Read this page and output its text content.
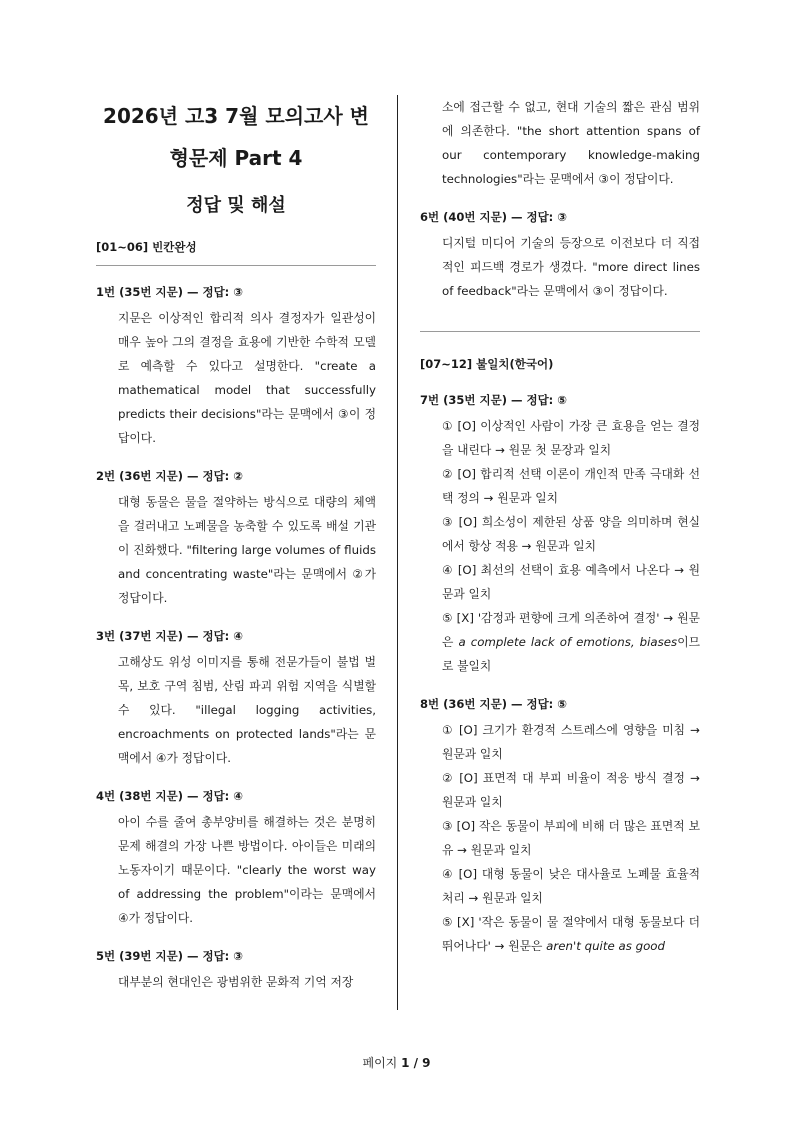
2026년 고3 7월 모의고사 변
형문제 Part 4
정답 및 해설
[01~06] 빈칸완성
1번 (35번 지문) — 정답: ③

지문은 이상적인 합리적 의사 결정자가 일관성이 매우 높아 그의 결정을 효용에 기반한 수학적 모델로 예측할 수 있다고 설명한다. "create a mathematical model that successfully predicts their decisions"라는 문맥에서 ③이 정답이다.

2번 (36번 지문) — 정답: ②

대형 동물은 물을 절약하는 방식으로 대량의 체액을 걸러내고 노폐물을 농축할 수 있도록 배설 기관이 진화했다. "filtering large volumes of fluids and concentrating waste"라는 문맥에서 ②가 정답이다.

3번 (37번 지문) — 정답: ④

고해상도 위성 이미지를 통해 전문가들이 불법 벌목, 보호 구역 침범, 산림 파괴 위험 지역을 식별할 수 있다. "illegal logging activities, encroachments on protected lands"라는 문맥에서 ④가 정답이다.

4번 (38번 지문) — 정답: ④

아이 수를 줄여 총부양비를 해결하는 것은 분명히 문제 해결의 가장 나쁜 방법이다. 아이들은 미래의 노동자이기 때문이다. "clearly the worst way of addressing the problem"이라는 문맥에서 ④가 정답이다.

5번 (39번 지문) — 정답: ③

대부분의 현대인은 광범위한 문화적 기억 저장

소에 접근할 수 없고, 현대 기술의 짧은 관심 범위에 의존한다. "the short attention spans of our contemporary knowledge-making technologies"라는 문맥에서 ③이 정답이다.

6번 (40번 지문) — 정답: ③

디지털 미디어 기술의 등장으로 이전보다 더 직접적인 피드백 경로가 생겼다. "more direct lines of feedback"라는 문맥에서 ③이 정답이다.

[07~12] 불일치(한국어)
7번 (35번 지문) — 정답: ⑤

① [O] 이상적인 사람이 가장 큰 효용을 얻는 결정을 내린다 → 원문 첫 문장과 일치

② [O] 합리적 선택 이론이 개인적 만족 극대화 선택 정의 → 원문과 일치

③ [O] 희소성이 제한된 상품 양을 의미하며 현실에서 항상 적용 → 원문과 일치

④ [O] 최선의 선택이 효용 예측에서 나온다 → 원문과 일치

⑤ [X] '감정과 편향에 크게 의존하여 결정' → 원문은 a complete lack of emotions, biases이므로 불일치

8번 (36번 지문) — 정답: ⑤

① [O] 크기가 환경적 스트레스에 영향을 미침 → 원문과 일치

② [O] 표면적 대 부피 비율이 적응 방식 결정 → 원문과 일치

③ [O] 작은 동물이 부피에 비해 더 많은 표면적 보유 → 원문과 일치

④ [O] 대형 동물이 낮은 대사율로 노폐물 효율적 처리 → 원문과 일치

⑤ [X] '작은 동물이 물 절약에서 대형 동물보다 더 뛰어나다' → 원문은 aren't quite as good

페이지 1 / 9
